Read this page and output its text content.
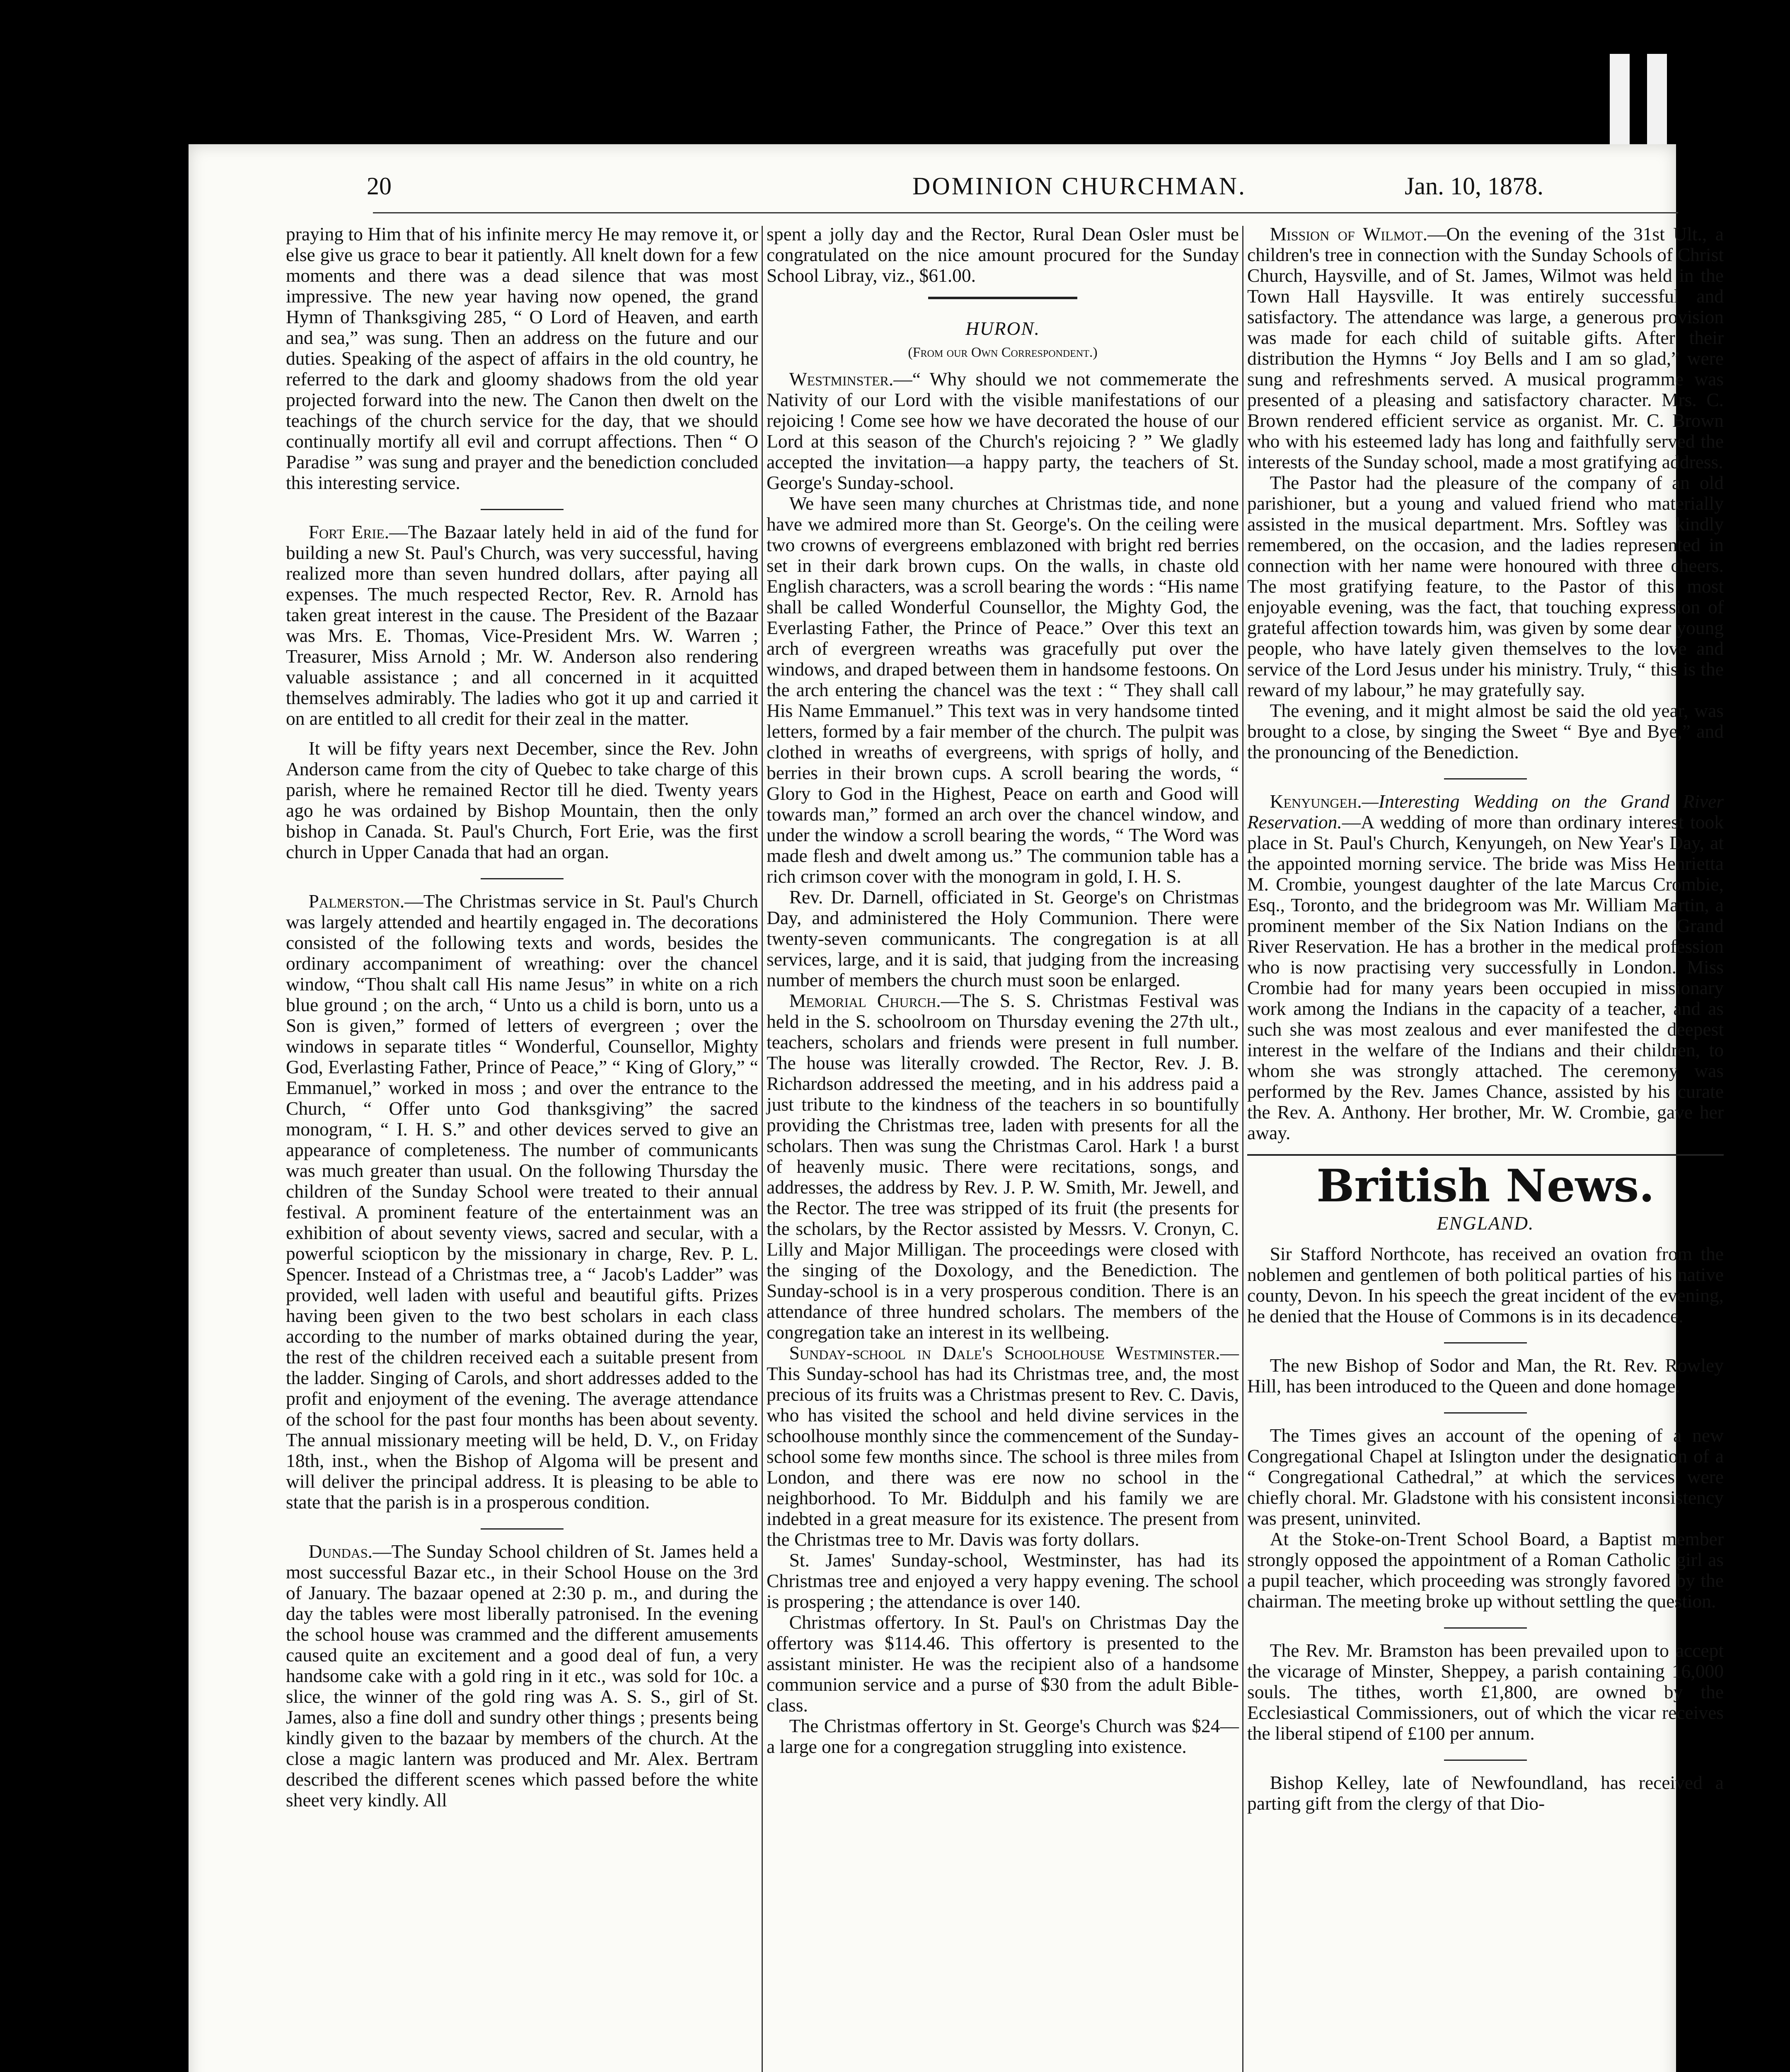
20	DOMINION CHURCHMAN.	Jan. 10, 1878.

praying to Him that of his infinite mercy He may remove it, or else give us grace to bear it patiently. All knelt down for a few moments and there was a dead silence that was most impressive. The new year having now opened, the grand Hymn of Thanksgiving 285, “ O Lord of Heaven, and earth and sea,” was sung. Then an address on the future and our duties. Speaking of the aspect of affairs in the old country, he referred to the dark and gloomy shadows from the old year projected forward into the new. The Canon then dwelt on the teachings of the church service for the day, that we should continually mortify all evil and corrupt affections. Then “ O Paradise ” was sung and prayer and the benediction concluded this interesting service.

Fort Erie.—The Bazaar lately held in aid of the fund for building a new St. Paul's Church, was very successful, having realized more than seven hundred dollars, after paying all expenses. The much respected Rector, Rev. R. Arnold has taken great interest in the cause. The President of the Bazaar was Mrs. E. Thomas, Vice-President Mrs. W. Warren ; Treasurer, Miss Arnold ; Mr. W. Anderson also rendering valuable assistance ; and all concerned in it acquitted themselves admirably. The ladies who got it up and carried it on are entitled to all credit for their zeal in the matter.

It will be fifty years next December, since the Rev. John Anderson came from the city of Quebec to take charge of this parish, where he remained Rector till he died. Twenty years ago he was ordained by Bishop Mountain, then the only bishop in Canada. St. Paul's Church, Fort Erie, was the first church in Upper Canada that had an organ.

Palmerston.—The Christmas service in St. Paul's Church was largely attended and heartily engaged in. The decorations consisted of the following texts and words, besides the ordinary accompaniment of wreathing: over the chancel window, “Thou shalt call His name Jesus” in white on a rich blue ground ; on the arch, “ Unto us a child is born, unto us a Son is given,” formed of letters of evergreen ; over the windows in separate titles “ Wonderful, Counsellor, Mighty God, Everlasting Father, Prince of Peace,” “ King of Glory,” “ Emmanuel,” worked in moss ; and over the entrance to the Church, “ Offer unto God thanksgiving” the sacred monogram, “ I. H. S.” and other devices served to give an appearance of completeness. The number of communicants was much greater than usual. On the following Thursday the children of the Sunday School were treated to their annual festival. A prominent feature of the entertainment was an exhibition of about seventy views, sacred and secular, with a powerful sciopticon by the missionary in charge, Rev. P. L. Spencer. Instead of a Christmas tree, a “ Jacob's Ladder” was provided, well laden with useful and beautiful gifts. Prizes having been given to the two best scholars in each class according to the number of marks obtained during the year, the rest of the children received each a suitable present from the ladder. Singing of Carols, and short addresses added to the profit and enjoyment of the evening. The average attendance of the school for the past four months has been about seventy. The annual missionary meeting will be held, D. V., on Friday 18th, inst., when the Bishop of Algoma will be present and will deliver the principal address. It is pleasing to be able to state that the parish is in a prosperous condition.

Dundas.—The Sunday School children of St. James held a most successful Bazar etc., in their School House on the 3rd of January. The bazaar opened at 2:30 p. m., and during the day the tables were most liberally patronised. In the evening the school house was crammed and the different amusements caused quite an excitement and a good deal of fun, a very handsome cake with a gold ring in it etc., was sold for 10c. a slice, the winner of the gold ring was A. S. S., girl of St. James, also a fine doll and sundry other things ; presents being kindly given to the bazaar by members of the church. At the close a magic lantern was produced and Mr. Alex. Bertram described the different scenes which passed before the white sheet very kindly. All

spent a jolly day and the Rector, Rural Dean Osler must be congratulated on the nice amount procured for the Sunday School Libray, viz., $61.00.

HURON.

(From our Own Correspondent.)

Westminster.—“ Why should we not commemerate the Nativity of our Lord with the visible manifestations of our rejoicing ! Come see how we have decorated the house of our Lord at this season of the Church's rejoicing ? ” We gladly accepted the invitation—a happy party, the teachers of St. George's Sunday-school.

We have seen many churches at Christmas tide, and none have we admired more than St. George's. On the ceiling were two crowns of evergreens emblazoned with bright red berries set in their dark brown cups. On the walls, in chaste old English characters, was a scroll bearing the words : “His name shall be called Wonderful Counsellor, the Mighty God, the Everlasting Father, the Prince of Peace.” Over this text an arch of evergreen wreaths was gracefully put over the windows, and draped between them in handsome festoons. On the arch entering the chancel was the text : “ They shall call His Name Emmanuel.” This text was in very handsome tinted letters, formed by a fair member of the church. The pulpit was clothed in wreaths of evergreens, with sprigs of holly, and berries in their brown cups. A scroll bearing the words, “ Glory to God in the Highest, Peace on earth and Good will towards man,” formed an arch over the chancel window, and under the window a scroll bearing the words, “ The Word was made flesh and dwelt among us.” The communion table has a rich crimson cover with the monogram in gold, I. H. S.

Rev. Dr. Darnell, officiated in St. George's on Christmas Day, and administered the Holy Communion. There were twenty-seven communicants. The congregation is at all services, large, and it is said, that judging from the increasing number of members the church must soon be enlarged.

Memorial Church.—The S. S. Christmas Festival was held in the S. schoolroom on Thursday evening the 27th ult., teachers, scholars and friends were present in full number. The house was literally crowded. The Rector, Rev. J. B. Richardson addressed the meeting, and in his address paid a just tribute to the kindness of the teachers in so bountifully providing the Christmas tree, laden with presents for all the scholars. Then was sung the Christmas Carol. Hark ! a burst of heavenly music. There were recitations, songs, and addresses, the address by Rev. J. P. W. Smith, Mr. Jewell, and the Rector. The tree was stripped of its fruit (the presents for the scholars, by the Rector assisted by Messrs. V. Cronyn, C. Lilly and Major Milligan. The proceedings were closed with the singing of the Doxology, and the Benediction. The Sunday-school is in a very prosperous condition. There is an attendance of three hundred scholars. The members of the congregation take an interest in its wellbeing.

Sunday-school in Dale's Schoolhouse Westminster.—This Sunday-school has had its Christmas tree, and, the most precious of its fruits was a Christmas present to Rev. C. Davis, who has visited the school and held divine services in the schoolhouse monthly since the commencement of the Sunday-school some few months since. The school is three miles from London, and there was ere now no school in the neighborhood. To Mr. Biddulph and his family we are indebted in a great measure for its existence. The present from the Christmas tree to Mr. Davis was forty dollars.

St. James' Sunday-school, Westminster, has had its Christmas tree and enjoyed a very happy evening. The school is prospering ; the attendance is over 140.

Christmas offertory. In St. Paul's on Christmas Day the offertory was $114.46. This offertory is presented to the assistant minister. He was the recipient also of a handsome communion service and a purse of $30 from the adult Bible-class.

The Christmas offertory in St. George's Church was $24—a large one for a congregation struggling into existence.

Mission of Wilmot.—On the evening of the 31st Ult., a children's tree in connection with the Sunday Schools of Christ Church, Haysville, and of St. James, Wilmot was held in the Town Hall Haysville. It was entirely successful and satisfactory. The attendance was large, a generous provision was made for each child of suitable gifts. After their distribution the Hymns “ Joy Bells and I am so glad,” were sung and refreshments served. A musical programme was presented of a pleasing and satisfactory character. Mrs. C. Brown rendered efficient service as organist. Mr. C. Brown who with his esteemed lady has long and faithfully served the interests of the Sunday school, made a most gratifying address.

The Pastor had the pleasure of the company of an old parishioner, but a young and valued friend who materially assisted in the musical department. Mrs. Softley was kindly remembered, on the occasion, and the ladies represented in connection with her name were honoured with three cheers. The most gratifying feature, to the Pastor of this most enjoyable evening, was the fact, that touching expression of grateful affection towards him, was given by some dear young people, who have lately given themselves to the love and service of the Lord Jesus under his ministry. Truly, “ this is the reward of my labour,” he may gratefully say.

The evening, and it might almost be said the old year, was brought to a close, by singing the Sweet “ Bye and Bye,” and the pronouncing of the Benediction.

Kenyungeh.—Interesting Wedding on the Grand River Reservation.—A wedding of more than ordinary interest took place in St. Paul's Church, Kenyungeh, on New Year's Day, at the appointed morning service. The bride was Miss Henrietta M. Crombie, youngest daughter of the late Marcus Crombie, Esq., Toronto, and the bridegroom was Mr. William Martin, a prominent member of the Six Nation Indians on the Grand River Reservation. He has a brother in the medical profession who is now practising very successfully in London. Miss Crombie had for many years been occupied in missionary work among the Indians in the capacity of a teacher, and as such she was most zealous and ever manifested the deepest interest in the welfare of the Indians and their children, to whom she was strongly attached. The ceremony was performed by the Rev. James Chance, assisted by his curate the Rev. A. Anthony. Her brother, Mr. W. Crombie, gave her away.

British News.

ENGLAND.

Sir Stafford Northcote, has received an ovation from the noblemen and gentlemen of both political parties of his native county, Devon. In his speech the great incident of the evening, he denied that the House of Commons is in its decadence.

The new Bishop of Sodor and Man, the Rt. Rev. Rowley Hill, has been introduced to the Queen and done homage.

The Times gives an account of the opening of a new Congregational Chapel at Islington under the designation of a “ Congregational Cathedral,” at which the services were chiefly choral. Mr. Gladstone with his consistent inconsistency was present, uninvited.

At the Stoke-on-Trent School Board, a Baptist member strongly opposed the appointment of a Roman Catholic girl as a pupil teacher, which proceeding was strongly favored by the chairman. The meeting broke up without settling the question.

The Rev. Mr. Bramston has been prevailed upon to accept the vicarage of Minster, Sheppey, a parish containing 16,000 souls. The tithes, worth £1,800, are owned by the Ecclesiastical Commissioners, out of which the vicar receives the liberal stipend of £100 per annum.

Bishop Kelley, late of Newfoundland, has received a parting gift from the clergy of that Dio-
